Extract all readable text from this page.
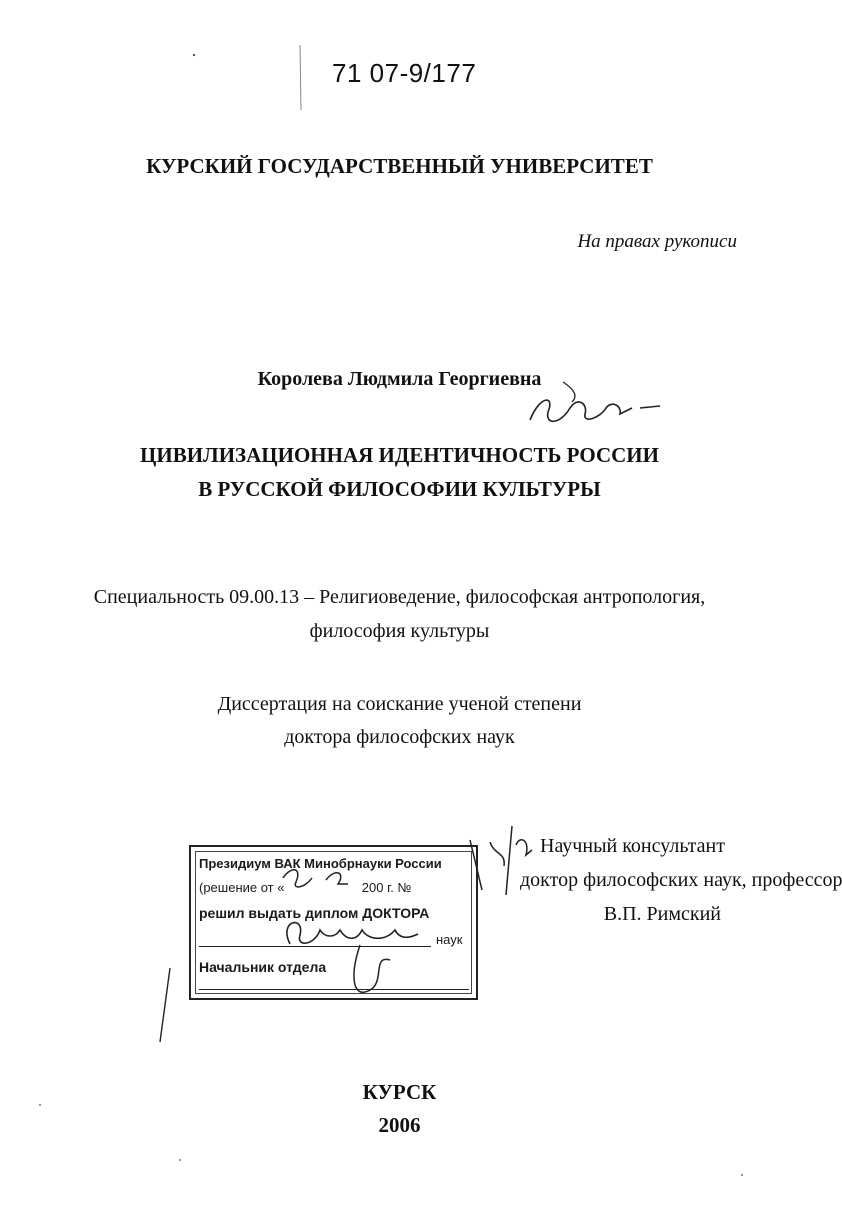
71 07-9/177
КУРСКИЙ ГОСУДАРСТВЕННЫЙ УНИВЕРСИТЕТ
На правах рукописи
Королева Людмила Георгиевна
ЦИВИЛИЗАЦИОННАЯ ИДЕНТИЧНОСТЬ РОССИИ
В РУССКОЙ ФИЛОСОФИИ КУЛЬТУРЫ
Специальность 09.00.13 – Религиоведение, философская антропология,
философия культуры
Диссертация на соискание ученой степени
доктора философских наук
Научный консультант
доктор философских наук, профессор
В.П. Римский
Президиум ВАК Минобрнауки России
(решение от «	200 г. №
решил выдать диплом ДОКТОРА
наук
Начальник отдела
КУРСК
2006
